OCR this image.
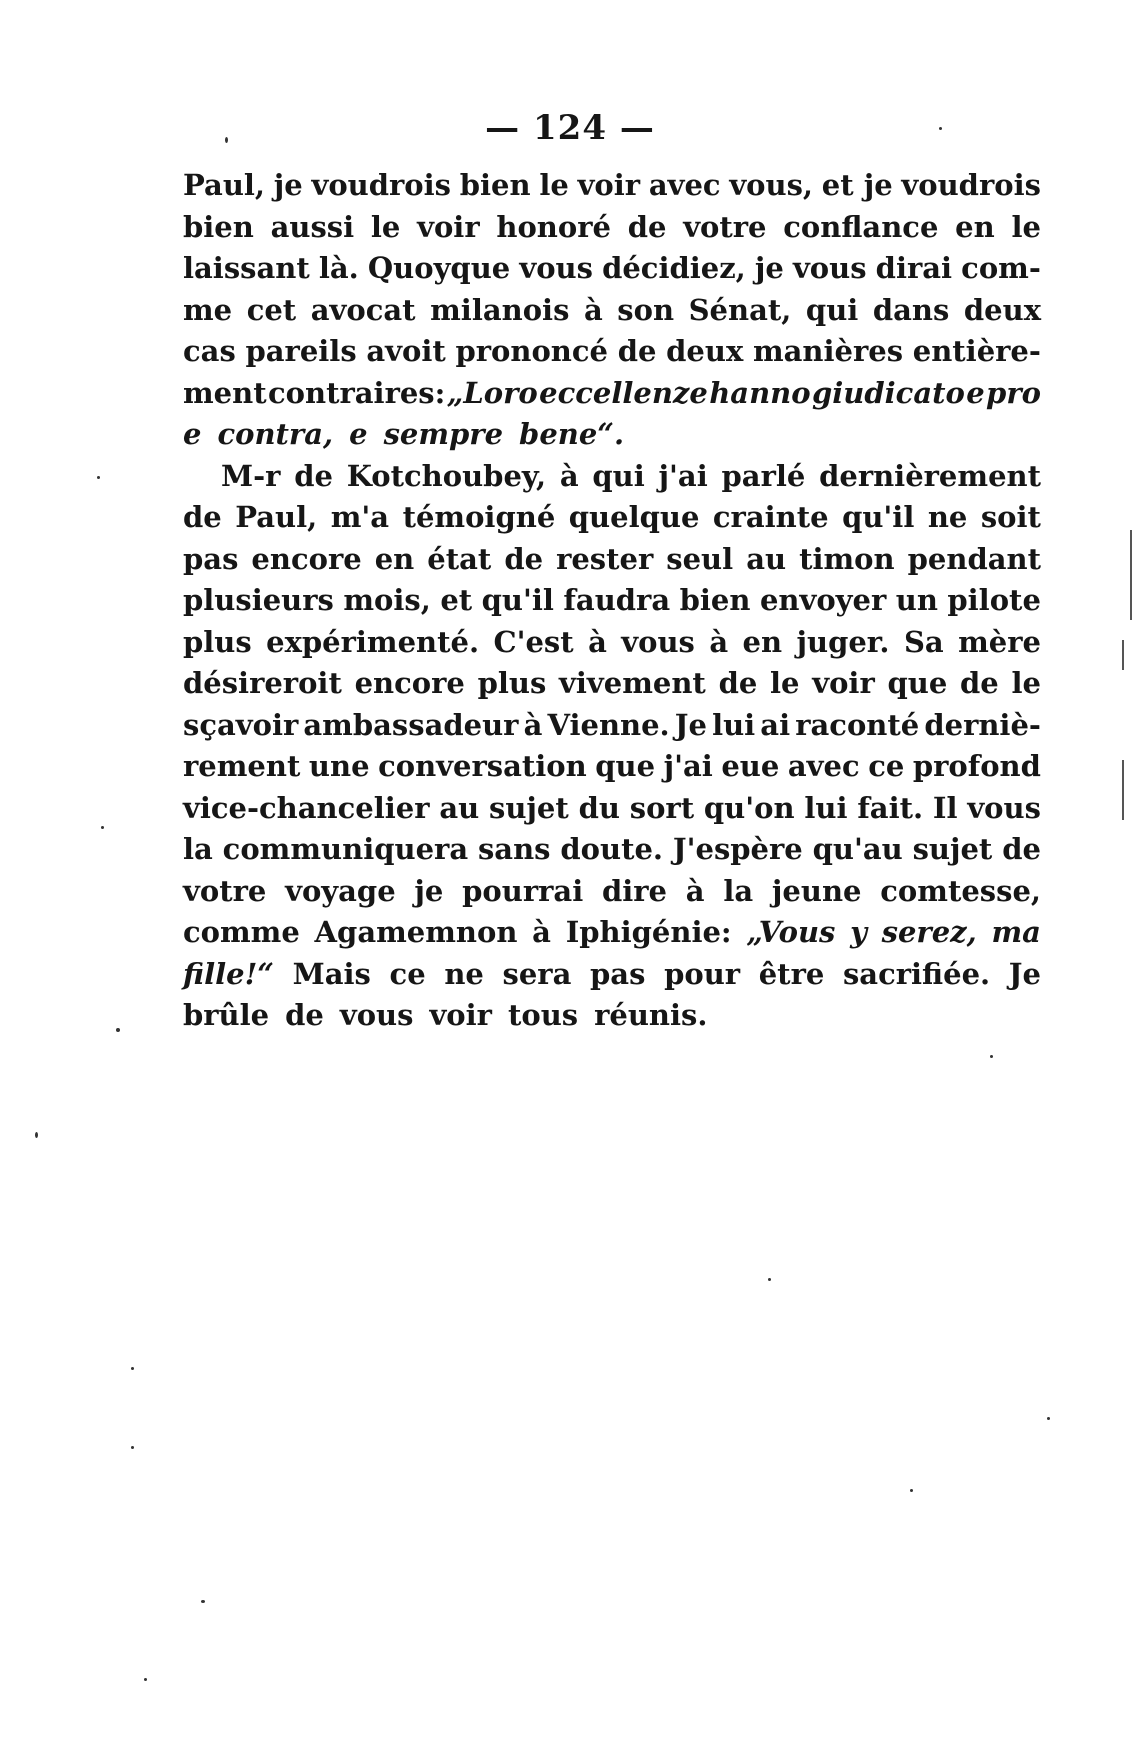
— 124 —
Paul, je voudrois bien le voir avec vous, et je voudrois
bien aussi le voir honoré de votre conflance en le
laissant là. Quoyque vous décidiez, je vous dirai com-
me cet avocat milanois à son Sénat, qui dans deux
cas pareils avoit prononcé de deux manières entière-
ment contraires: „Loro eccellenze hanno giudicato e pro
e contra, e sempre bene“.
M-r de Kotchoubey, à qui j'ai parlé dernièrement
de Paul, m'a témoigné quelque crainte qu'il ne soit
pas encore en état de rester seul au timon pendant
plusieurs mois, et qu'il faudra bien envoyer un pilote
plus expérimenté. C'est à vous à en juger. Sa mère
désireroit encore plus vivement de le voir que de le
sçavoir ambassadeur à Vienne. Je lui ai raconté derniè-
rement une conversation que j'ai eue avec ce profond
vice-chancelier au sujet du sort qu'on lui fait. Il vous
la communiquera sans doute. J'espère qu'au sujet de
votre voyage je pourrai dire à la jeune comtesse,
comme Agamemnon à Iphigénie: „Vous y serez, ma
fille!“ Mais ce ne sera pas pour être sacrifiée. Je
brûle de vous voir tous réunis.
